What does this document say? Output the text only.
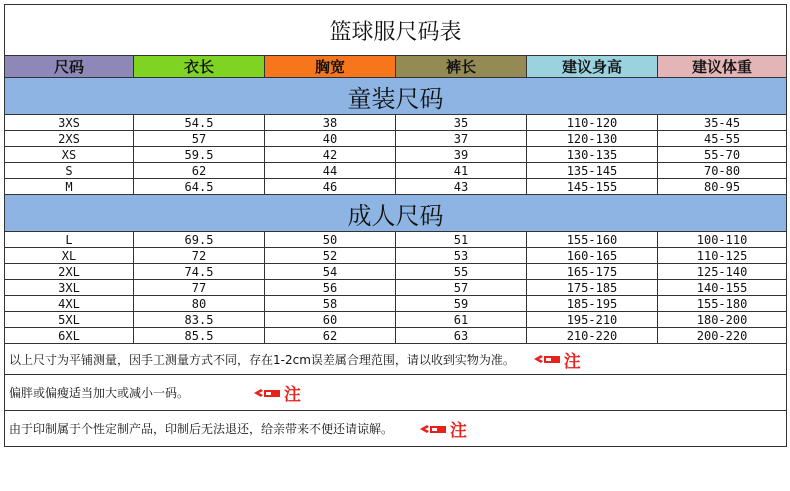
篮球服尺码表					
尺码	衣长	胸宽	裤长	建议身高	建议体重
童装尺码					
3XS	54.5	38	35	110-120	35-45
2XS	57	40	37	120-130	45-55
XS	59.5	42	39	130-135	55-70
S	62	44	41	135-145	70-80
M	64.5	46	43	145-155	80-95
成人尺码					
L	69.5	50	51	155-160	100-110
XL	72	52	53	160-165	110-125
2XL	74.5	54	55	165-175	125-140
3XL	77	56	57	175-185	140-155
4XL	80	58	59	185-195	155-180
5XL	83.5	60	61	195-210	180-200
6XL	85.5	62	63	210-220	200-220
以上尺寸为平铺测量，因手工测量方式不同，存在1-2cm误差属合理范围，请以收到实物为准。 注					

偏胖或偏瘦适当加大或减小一码。 注					

由于印制属于个性定制产品，印制后无法退还，给亲带来不便还请谅解。 注					
